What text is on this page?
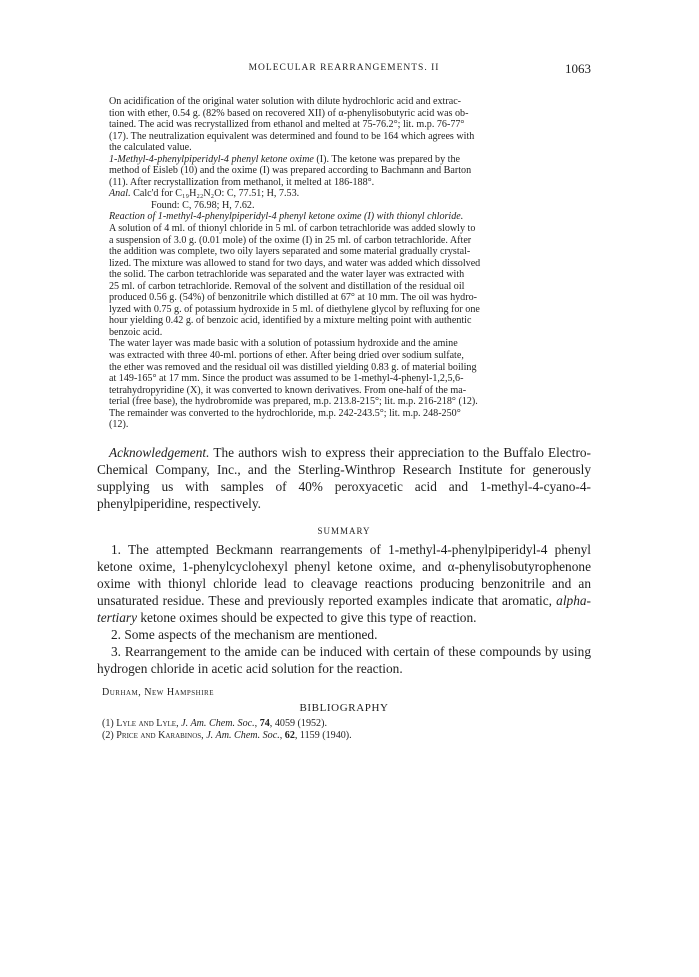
MOLECULAR REARRANGEMENTS. II	1063

On acidification of the original water solution with dilute hydrochloric acid and extrac-
tion with ether, 0.54 g. (82% based on recovered XII) of α-phenylisobutyric acid was ob-
tained. The acid was recrystallized from ethanol and melted at 75-76.2°; lit. m.p. 76-77°
(17). The neutralization equivalent was determined and found to be 164 which agrees with
the calculated value.

1-Methyl-4-phenylpiperidyl-4 phenyl ketone oxime (I). The ketone was prepared by the
method of Eisleb (10) and the oxime (I) was prepared according to Bachmann and Barton
(11). After recrystallization from methanol, it melted at 186-188°.

Anal. Calc'd for C₁₉H₂₂N₂O: C, 77.51; H, 7.53.

Found: C, 76.98; H, 7.62.

Reaction of 1-methyl-4-phenylpiperidyl-4 phenyl ketone oxime (I) with thionyl chloride.
A solution of 4 ml. of thionyl chloride in 5 ml. of carbon tetrachloride was added slowly to
a suspension of 3.0 g. (0.01 mole) of the oxime (I) in 25 ml. of carbon tetrachloride. After
the addition was complete, two oily layers separated and some material gradually crystal-
lized. The mixture was allowed to stand for two days, and water was added which dissolved
the solid. The carbon tetrachloride was separated and the water layer was extracted with
25 ml. of carbon tetrachloride. Removal of the solvent and distillation of the residual oil
produced 0.56 g. (54%) of benzonitrile which distilled at 67° at 10 mm. The oil was hydro-
lyzed with 0.75 g. of potassium hydroxide in 5 ml. of diethylene glycol by refluxing for one
hour yielding 0.42 g. of benzoic acid, identified by a mixture melting point with authentic
benzoic acid.

The water layer was made basic with a solution of potassium hydroxide and the amine
was extracted with three 40-ml. portions of ether. After being dried over sodium sulfate,
the ether was removed and the residual oil was distilled yielding 0.83 g. of material boiling
at 149-165° at 17 mm. Since the product was assumed to be 1-methyl-4-phenyl-1,2,5,6-
tetrahydropyridine (X), it was converted to known derivatives. From one-half of the ma-
terial (free base), the hydrobromide was prepared, m.p. 213.8-215°; lit. m.p. 216-218° (12).
The remainder was converted to the hydrochloride, m.p. 242-243.5°; lit. m.p. 248-250°
(12).

Acknowledgement. The authors wish to express their appreciation to the Buffalo Electro-Chemical Company, Inc., and the Sterling-Winthrop Research Institute for generously supplying us with samples of 40% peroxyacetic acid and 1-methyl-4-cyano-4-phenylpiperidine, respectively.

SUMMARY

1. The attempted Beckmann rearrangements of 1-methyl-4-phenylpiperidyl-4 phenyl ketone oxime, 1-phenylcyclohexyl phenyl ketone oxime, and α-phenylisobutyrophenone oxime with thionyl chloride lead to cleavage reactions producing benzonitrile and an unsaturated residue. These and previously reported examples indicate that aromatic, alpha-tertiary ketone oximes should be expected to give this type of reaction.

2. Some aspects of the mechanism are mentioned.

3. Rearrangement to the amide can be induced with certain of these compounds by using hydrogen chloride in acetic acid solution for the reaction.

Durham, New Hampshire
BIBLIOGRAPHY

(1) Lyle and Lyle, J. Am. Chem. Soc., 74, 4059 (1952).

(2) Price and Karabinos, J. Am. Chem. Soc., 62, 1159 (1940).
